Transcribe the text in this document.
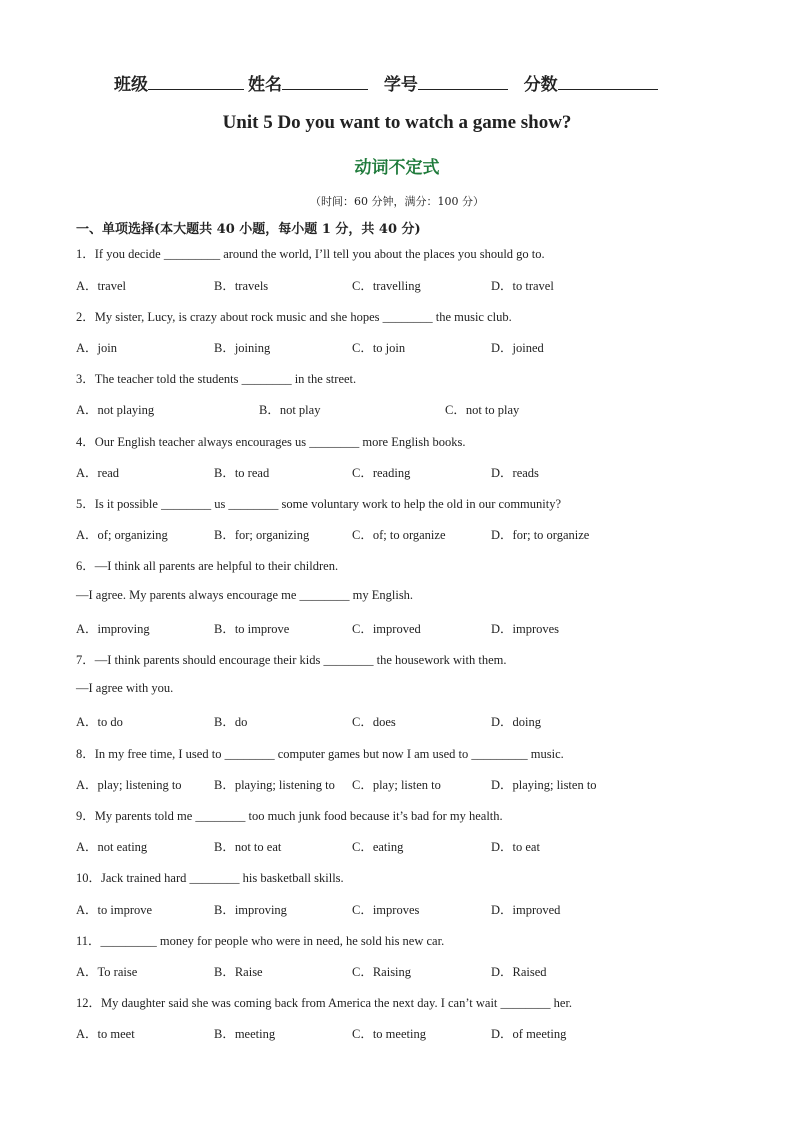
班级	姓名	学号	分数
Unit 5 Do you want to watch a game show?
动词不定式
（时间：60 分钟，满分：100 分）
一、单项选择(本大题共 40 小题，每小题 1 分，共 40 分)
1．If you decide _________ around the world, I’ll tell you about the places you should go to.
A．travel	B．travels	C．travelling	D．to travel
2．My sister, Lucy, is crazy about rock music and she hopes ________ the music club.
A．join	B．joining	C．to join	D．joined
3．The teacher told the students ________ in the street.
A．not playing	B．not play	C．not to play
4．Our English teacher always encourages us ________ more English books.
A．read	B．to read	C．reading	D．reads
5．Is it possible ________ us ________ some voluntary work to help the old in our community?
A．of; organizing	B．for; organizing	C．of; to organize	D．for; to organize
6．—I think all parents are helpful to their children.
—I agree. My parents always encourage me ________ my English.
A．improving	B．to improve	C．improved	D．improves
7．—I think parents should encourage their kids ________ the housework with them.
—I agree with you.
A．to do	B．do	C．does	D．doing
8．In my free time, I used to ________ computer games but now I am used to _________ music.
A．play; listening to	B．playing; listening to C．play; listen to	D．playing; listen to
9．My parents told me ________ too much junk food because it’s bad for my health.
A．not eating	B．not to eat	C．eating	D．to eat
10．Jack trained hard ________ his basketball skills.
A．to improve	B．improving	C．improves	D．improved
11．_________ money for people who were in need, he sold his new car.
A．To raise	B．Raise	C．Raising	D．Raised
12．My daughter said she was coming back from America the next day. I can’t wait ________ her.
A．to meet	B．meeting	C．to meeting	D．of meeting
